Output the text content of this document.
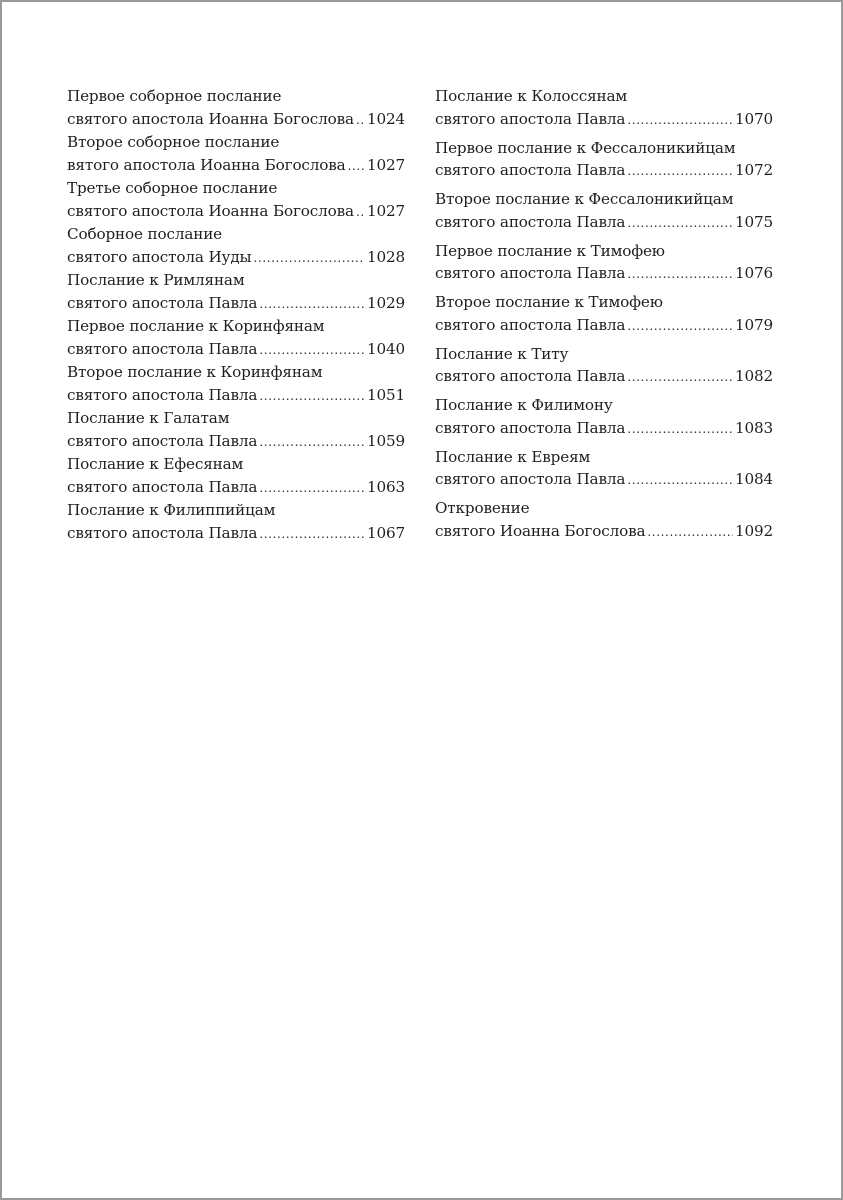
Первое соборное послание
святого апостола Иоанна Богослова ..... 1024
Второе соборное послание
вятого апостола Иоанна Богослова ..... 1027
Третье соборное послание
святого апостола Иоанна Богослова ..... 1027
Соборное послание
святого апостола Иуды .....	1028
Послание к Римлянам
святого апостола Павла .....	1029
Первое послание к Коринфянам
святого апостола Павла .....	1040
Второе послание к Коринфянам
святого апостола Павла .....	1051
Послание к Галатам
святого апостола Павла .....	1059
Послание к Ефесянам
святого апостола Павла .....	1063
Послание к Филиппийцам
святого апостола Павла .....	1067
Послание к Колоссянам
святого апостола Павла .....	1070
Первое послание к Фессалоникийцам
святого апостола Павла .....	1072
Второе послание к Фессалоникийцам
святого апостола Павла .....	1075
Первое послание к Тимофею
святого апостола Павла .....	1076
Второе послание к Тимофею
святого апостола Павла .....	1079
Послание к Титу
святого апостола Павла .....	1082
Послание к Филимону
святого апостола Павла .....	1083
Послание к Евреям
святого апостола Павла .....	1084
Откровение
святого Иоанна Богослова .....	1092
